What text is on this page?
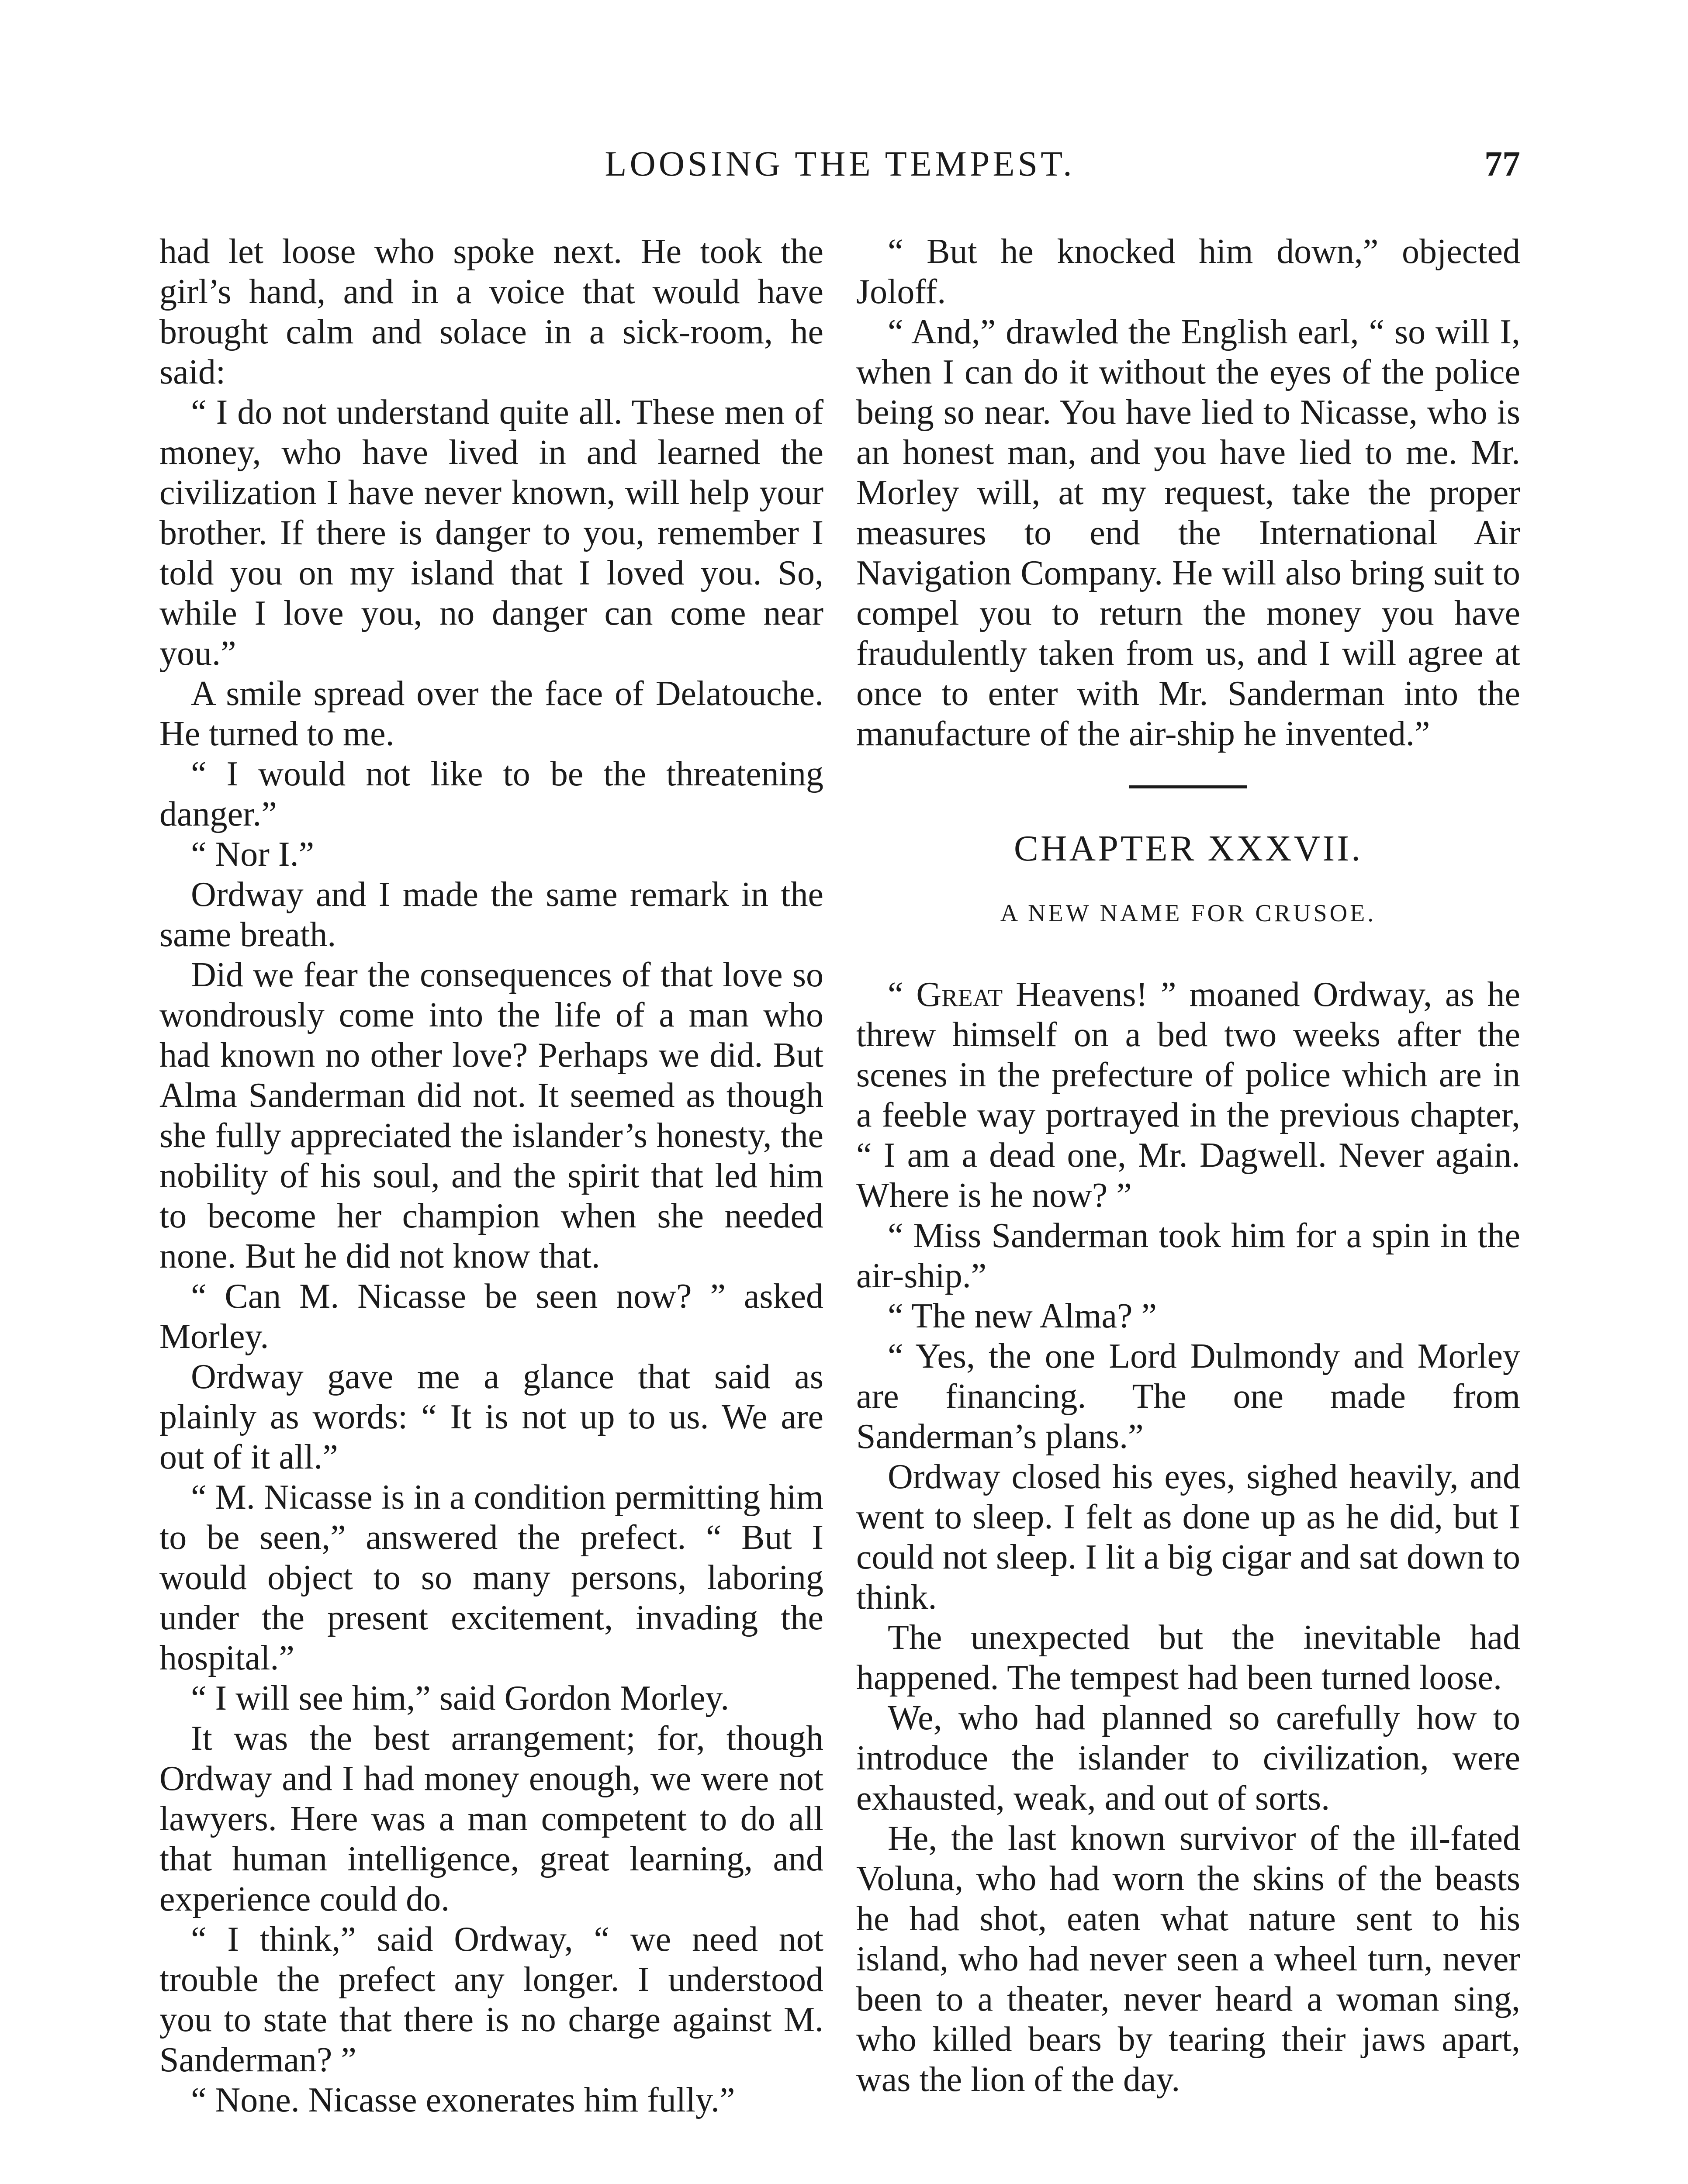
LOOSING THE TEMPEST.	77

had let loose who spoke next. He took the girl’s hand, and in a voice that would have brought calm and solace in a sick-room, he said:

“ I do not understand quite all. These men of money, who have lived in and learned the civilization I have never known, will help your brother. If there is danger to you, remember I told you on my island that I loved you. So, while I love you, no danger can come near you.”

A smile spread over the face of Delatouche. He turned to me.

“ I would not like to be the threatening danger.”

“ Nor I.”

Ordway and I made the same remark in the same breath.

Did we fear the consequences of that love so wondrously come into the life of a man who had known no other love? Perhaps we did. But Alma Sanderman did not. It seemed as though she fully appreciated the islander’s honesty, the nobility of his soul, and the spirit that led him to become her champion when she needed none. But he did not know that.

“ Can M. Nicasse be seen now? ” asked Morley.

Ordway gave me a glance that said as plainly as words: “ It is not up to us. We are out of it all.”

“ M. Nicasse is in a condition permitting him to be seen,” answered the prefect. “ But I would object to so many persons, laboring under the present excitement, invading the hospital.”

“ I will see him,” said Gordon Morley.

It was the best arrangement; for, though Ordway and I had money enough, we were not lawyers. Here was a man competent to do all that human intelligence, great learning, and experience could do.

“ I think,” said Ordway, “ we need not trouble the prefect any longer. I understood you to state that there is no charge against M. Sanderman? ”

“ None. Nicasse exonerates him fully.”

“ But he knocked him down,” objected Joloff.

“ And,” drawled the English earl, “ so will I, when I can do it without the eyes of the police being so near. You have lied to Nicasse, who is an honest man, and you have lied to me. Mr. Morley will, at my request, take the proper measures to end the International Air Navigation Company. He will also bring suit to compel you to return the money you have fraudulently taken from us, and I will agree at once to enter with Mr. Sanderman into the manufacture of the air-ship he invented.”

CHAPTER XXXVII.
A NEW NAME FOR CRUSOE.

“ Great Heavens! ” moaned Ordway, as he threw himself on a bed two weeks after the scenes in the prefecture of police which are in a feeble way portrayed in the previous chapter, “ I am a dead one, Mr. Dagwell. Never again. Where is he now? ”

“ Miss Sanderman took him for a spin in the air-ship.”

“ The new Alma? ”

“ Yes, the one Lord Dulmondy and Morley are financing. The one made from Sanderman’s plans.”

Ordway closed his eyes, sighed heavily, and went to sleep. I felt as done up as he did, but I could not sleep. I lit a big cigar and sat down to think.

The unexpected but the inevitable had happened. The tempest had been turned loose.

We, who had planned so carefully how to introduce the islander to civilization, were exhausted, weak, and out of sorts.

He, the last known survivor of the ill-fated Voluna, who had worn the skins of the beasts he had shot, eaten what nature sent to his island, who had never seen a wheel turn, never been to a theater, never heard a woman sing, who killed bears by tearing their jaws apart, was the lion of the day.
